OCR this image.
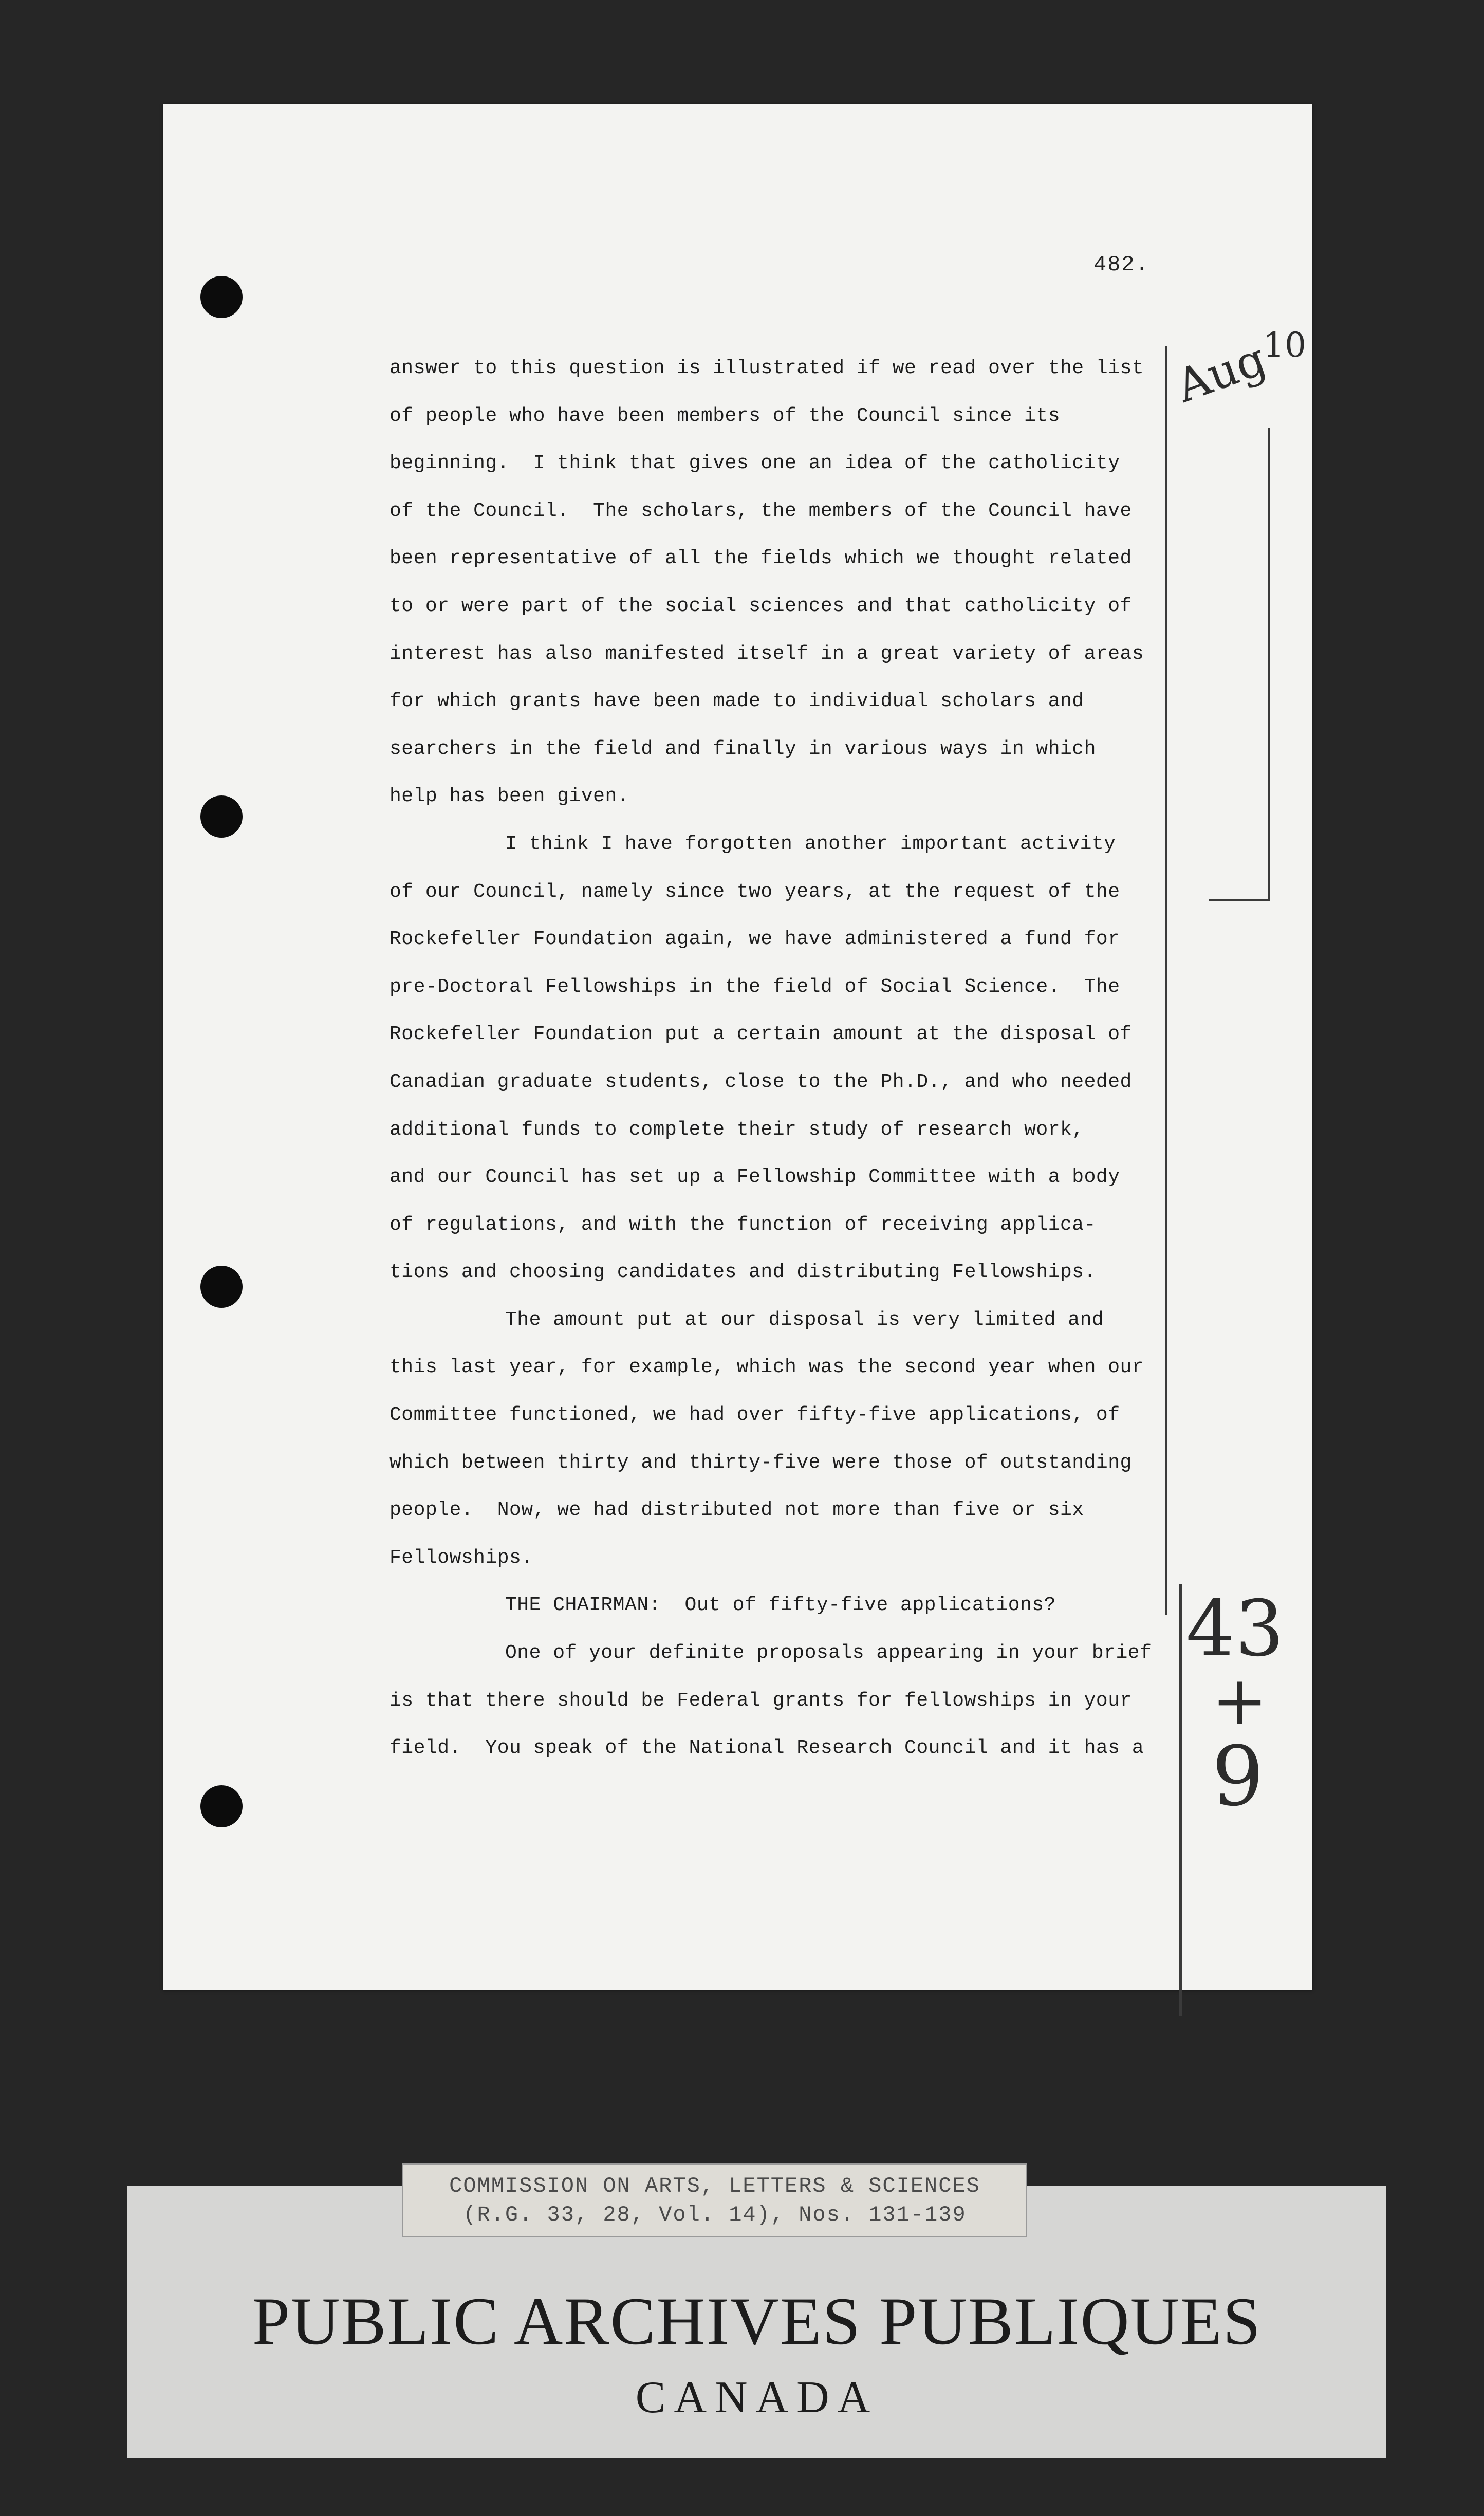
482.
answer to this question is illustrated if we read over the list
of people who have been members of the Council since its
beginning.  I think that gives one an idea of the catholicity
of the Council.  The scholars, the members of the Council have
been representative of all the fields which we thought related
to or were part of the social sciences and that catholicity of
interest has also manifested itself in a great variety of areas
for which grants have been made to individual scholars and
searchers in the field and finally in various ways in which
help has been given.
I think I have forgotten another important activity
of our Council, namely since two years, at the request of the
Rockefeller Foundation again, we have administered a fund for
pre-Doctoral Fellowships in the field of Social Science.  The
Rockefeller Foundation put a certain amount at the disposal of
Canadian graduate students, close to the Ph.D., and who needed
additional funds to complete their study of research work,
and our Council has set up a Fellowship Committee with a body
of regulations, and with the function of receiving applica-
tions and choosing candidates and distributing Fellowships.
The amount put at our disposal is very limited and
this last year, for example, which was the second year when our
Committee functioned, we had over fifty-five applications, of
which between thirty and thirty-five were those of outstanding
people.  Now, we had distributed not more than five or six
Fellowships.
THE CHAIRMAN:  Out of fifty-five applications?
One of your definite proposals appearing in your brief
is that there should be Federal grants for fellowships in your
field.  You speak of the National Research Council and it has a
Aug
10
43
+
9
COMMISSION ON ARTS, LETTERS & SCIENCES
(R.G. 33, 28, Vol. 14), Nos. 131-139
PUBLIC ARCHIVES PUBLIQUES
CANADA
